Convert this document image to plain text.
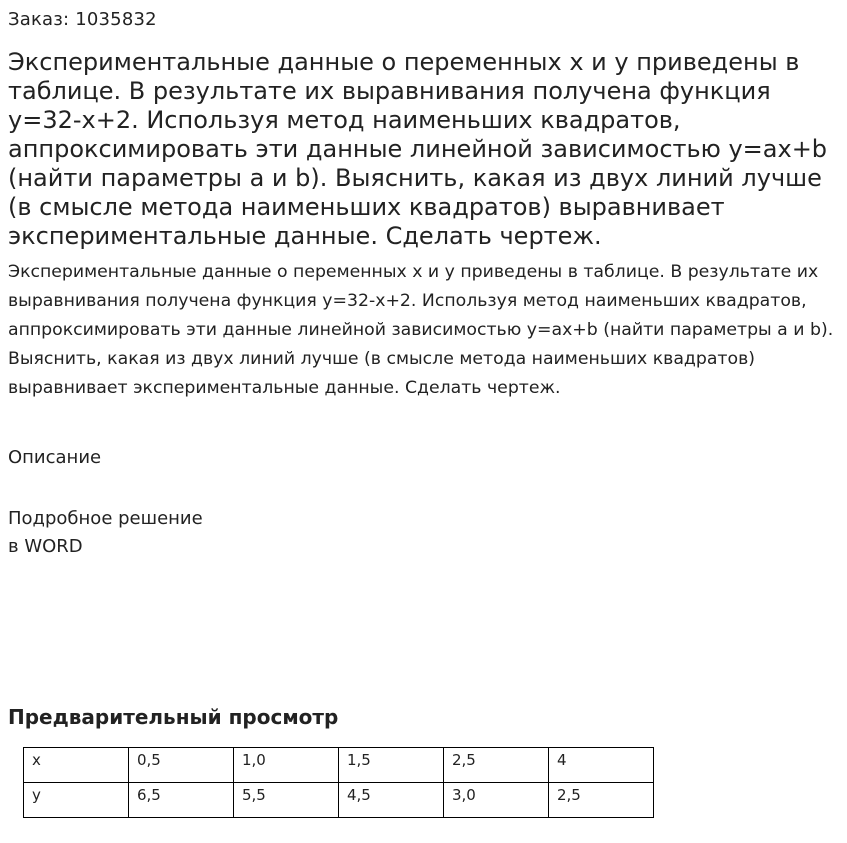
Заказ: 1035832
Экспериментальные данные о переменных x и y приведены в таблице. В результате их выравнивания получена функция y=32-x+2. Используя метод наименьших квадратов, аппроксимировать эти данные линейной зависимостью y=ax+b (найти параметры a и b). Выяснить, какая из двух линий лучше (в смысле метода наименьших квадратов) выравнивает экспериментальные данные. Сделать чертеж.

Экспериментальные данные о переменных x и y приведены в таблице. В результате их выравнивания получена функция y=32-x+2. Используя метод наименьших квадратов, аппроксимировать эти данные линейной зависимостью y=ax+b (найти параметры a и b). Выяснить, какая из двух линий лучше (в смысле метода наименьших квадратов) выравнивает экспериментальные данные. Сделать чертеж.

Описание
Подробное решение
в WORD
Предварительный просмотр
x	0,5	1,0	1,5	2,5	4
y	6,5	5,5	4,5	3,0	2,5
